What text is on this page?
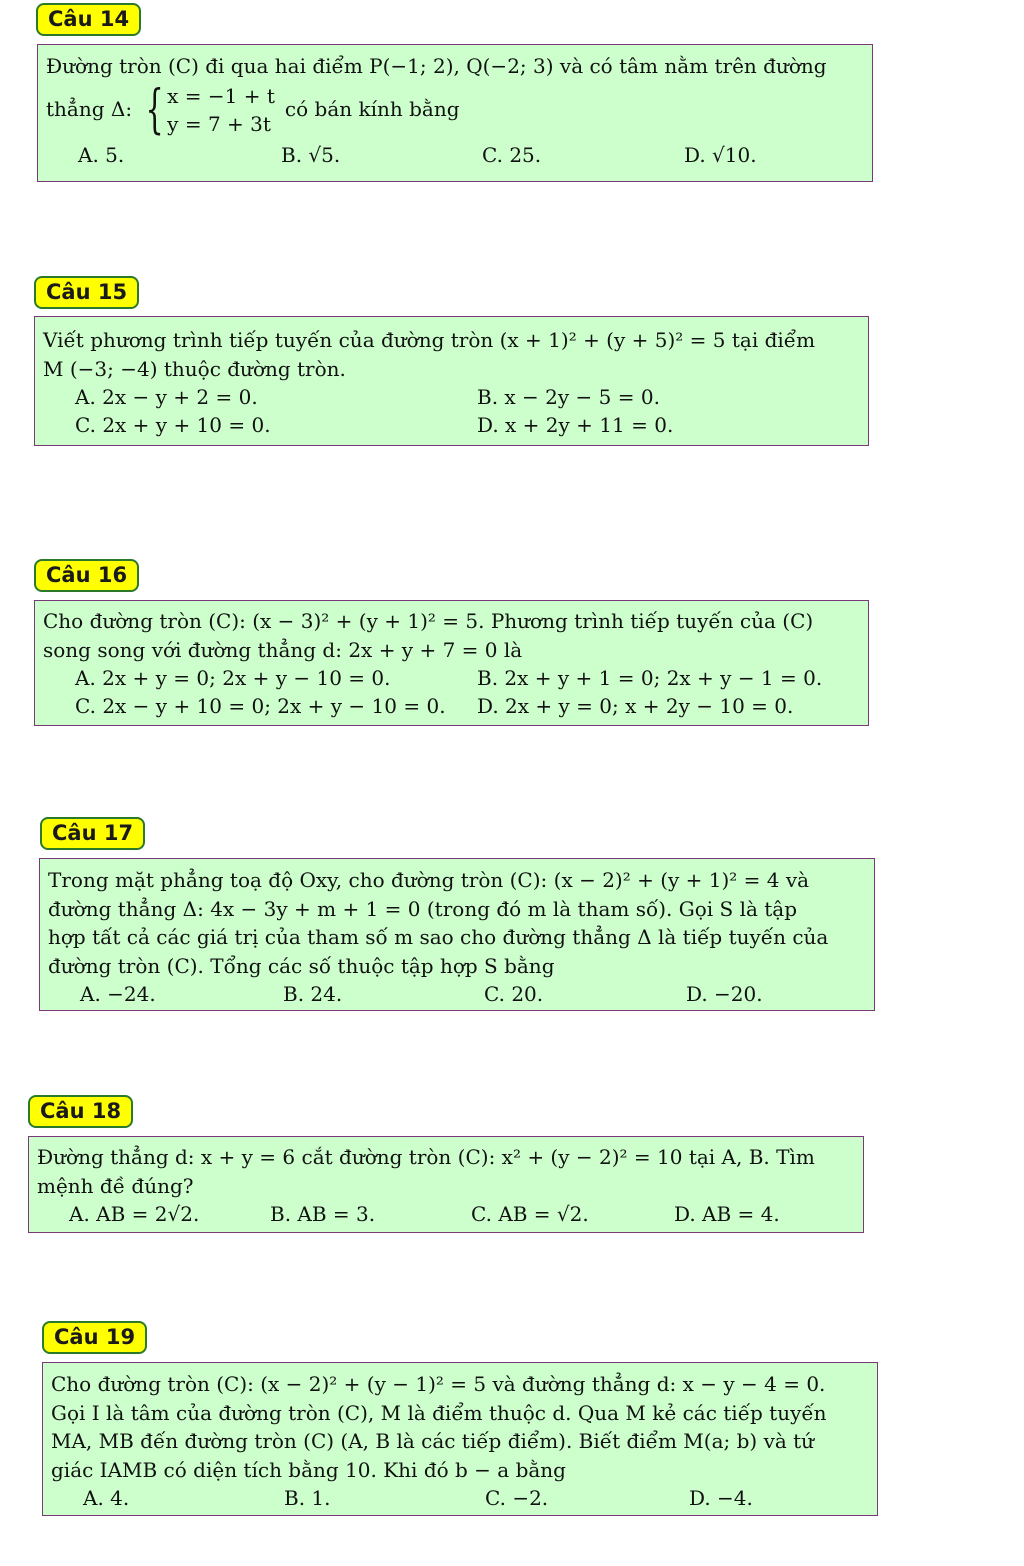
Câu 14
Đường tròn (C) đi qua hai điểm P(−1; 2), Q(−2; 3) và có tâm nằm trên đường
thẳng Δ: { x = −1 + t
y = 7 + 3t
có bán kính bằng
A. 5.	B. √5.	C. 25.	D. √10.
Câu 15
Viết phương trình tiếp tuyến của đường tròn (x + 1)² + (y + 5)² = 5 tại điểm
M (−3; −4) thuộc đường tròn.
A. 2x − y + 2 = 0.	B. x − 2y − 5 = 0.
C. 2x + y + 10 = 0.	D. x + 2y + 11 = 0.
Câu 16
Cho đường tròn (C): (x − 3)² + (y + 1)² = 5. Phương trình tiếp tuyến của (C)
song song với đường thẳng d: 2x + y + 7 = 0 là
A. 2x + y = 0; 2x + y − 10 = 0.	B. 2x + y + 1 = 0; 2x + y − 1 = 0.
C. 2x − y + 10 = 0; 2x + y − 10 = 0. D. 2x + y = 0; x + 2y − 10 = 0.
Câu 17
Trong mặt phẳng toạ độ Oxy, cho đường tròn (C): (x − 2)² + (y + 1)² = 4 và
đường thẳng Δ: 4x − 3y + m + 1 = 0 (trong đó m là tham số). Gọi S là tập
hợp tất cả các giá trị của tham số m sao cho đường thẳng Δ là tiếp tuyến của
đường tròn (C). Tổng các số thuộc tập hợp S bằng
A. −24.	B. 24.	C. 20.	D. −20.
Câu 18
Đường thẳng d: x + y = 6 cắt đường tròn (C): x² + (y − 2)² = 10 tại A, B. Tìm
mệnh đề đúng?
A. AB = 2√2.	B. AB = 3.	C. AB = √2.	D. AB = 4.
Câu 19
Cho đường tròn (C): (x − 2)² + (y − 1)² = 5 và đường thẳng d: x − y − 4 = 0.
Gọi I là tâm của đường tròn (C), M là điểm thuộc d. Qua M kẻ các tiếp tuyến
MA, MB đến đường tròn (C) (A, B là các tiếp điểm). Biết điểm M(a; b) và tứ
giác IAMB có diện tích bằng 10. Khi đó b − a bằng
A. 4.	B. 1.	C. −2.	D. −4.
